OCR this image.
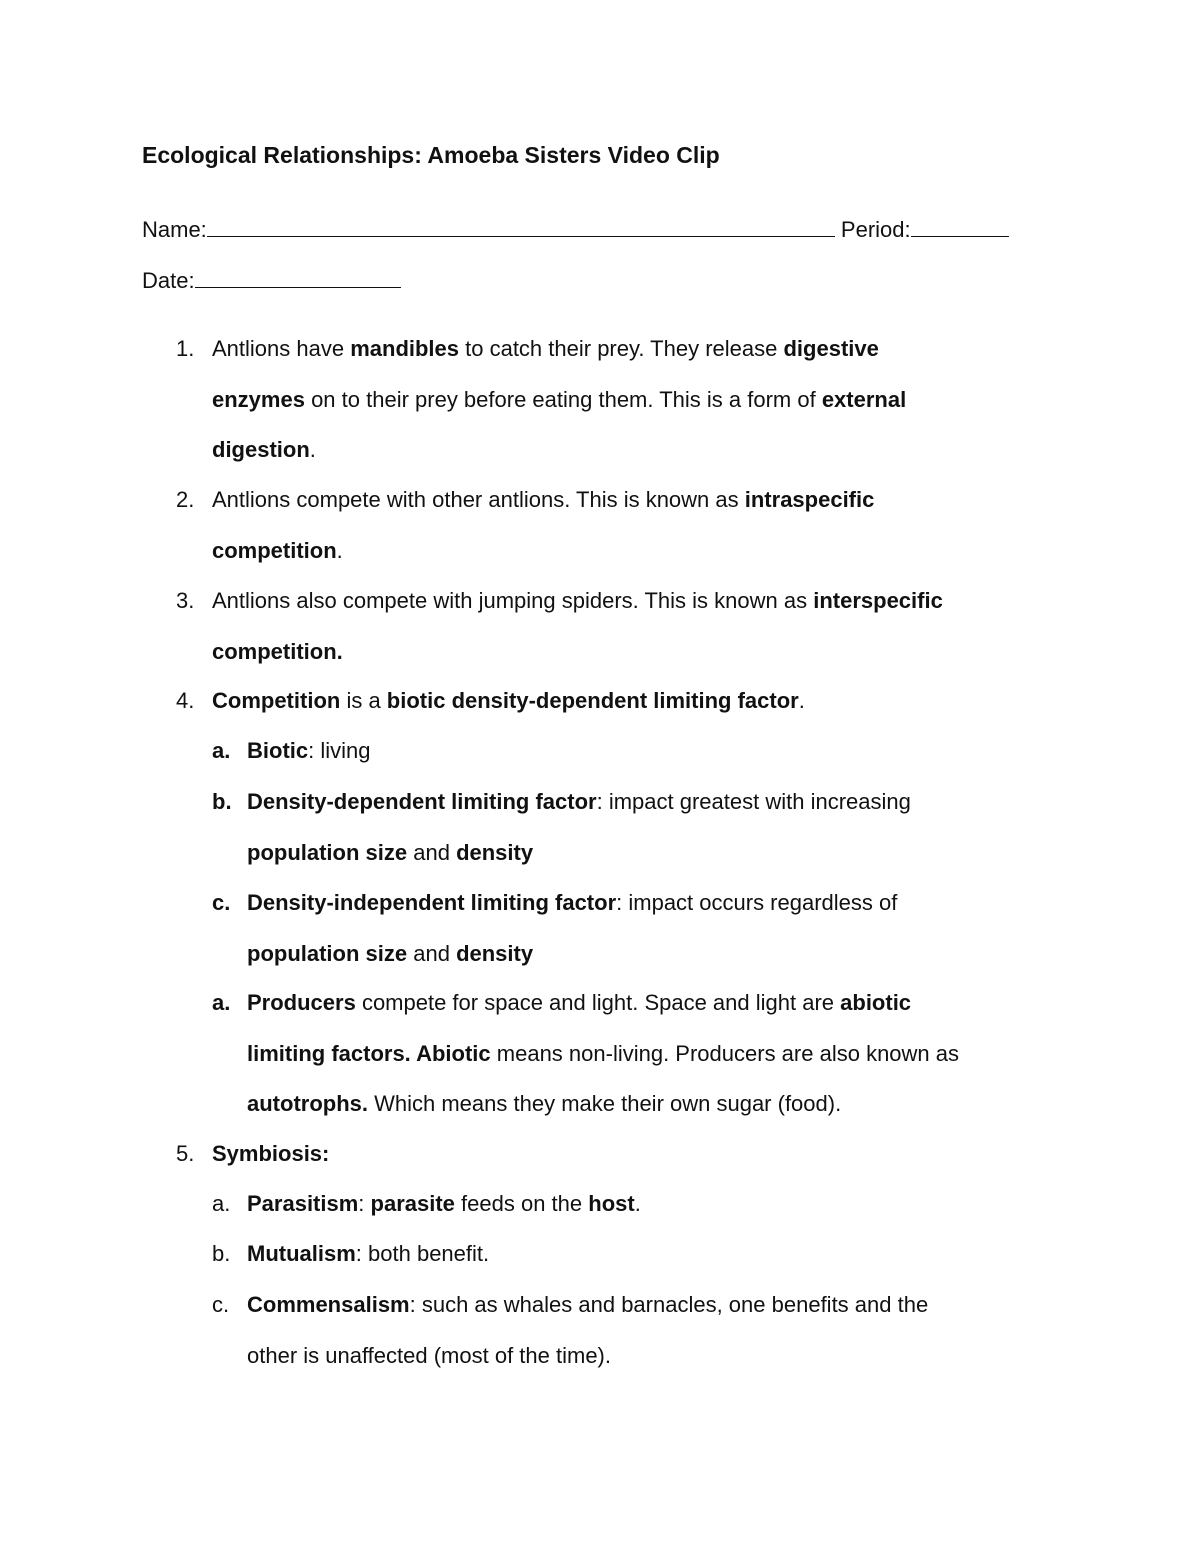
Ecological Relationships: Amoeba Sisters Video Clip
Name:	Period:
Date:
1. Antlions have mandibles to catch their prey. They release digestive
enzymes on to their prey before eating them. This is a form of external
digestion.
2. Antlions compete with other antlions. This is known as intraspecific
competition.
3. Antlions also compete with jumping spiders. This is known as interspecific
competition.
4. Competition is a biotic density-dependent limiting factor.
a. Biotic: living
b. Density-dependent limiting factor: impact greatest with increasing
population size and density
c. Density-independent limiting factor: impact occurs regardless of
population size and density
a. Producers compete for space and light. Space and light are abiotic
limiting factors. Abiotic means non-living. Producers are also known as
autotrophs. Which means they make their own sugar (food).
5. Symbiosis:
a. Parasitism: parasite feeds on the host.
b. Mutualism: both benefit.
c. Commensalism: such as whales and barnacles, one benefits and the
other is unaffected (most of the time).
